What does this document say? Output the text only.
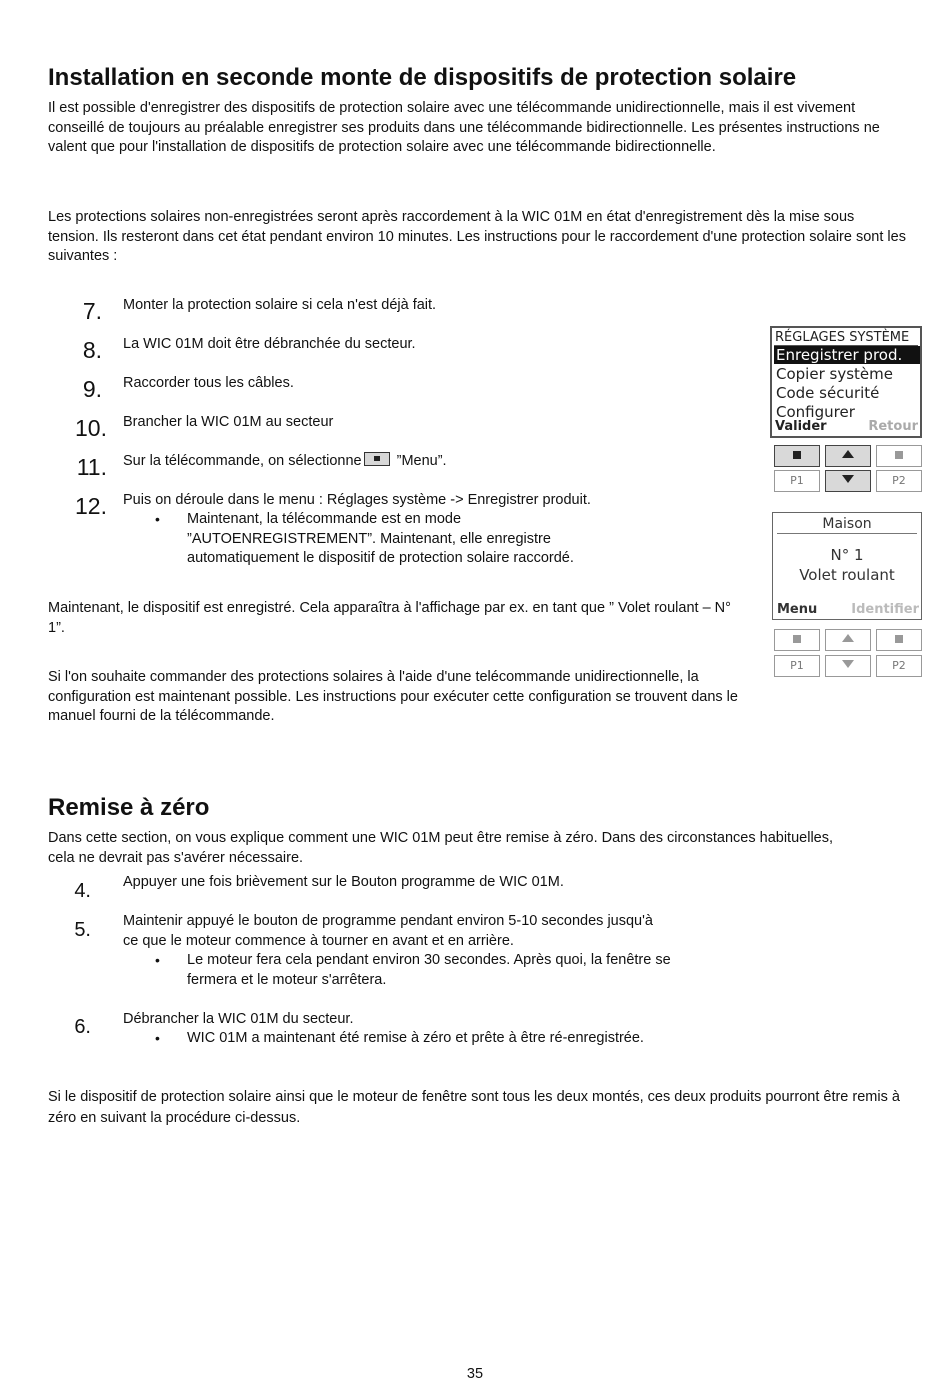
Installation en seconde monte de dispositifs de protection solaire

Il est possible d'enregistrer des dispositifs de protection solaire avec une télécommande unidirectionnelle, mais il est vivement conseillé de toujours au préalable enregistrer ses produits dans une télécommande bidirectionnelle. Les présentes instructions ne valent que pour l'installation de dispositifs de protection solaire avec une télécommande bidirectionnelle.

Les protections solaires non-enregistrées seront après raccordement à la WIC 01M en état d'enregistrement dès la mise sous tension. Ils resteront dans cet état pendant environ 10 minutes. Les instructions pour le raccordement d'une protection solaire sont les suivantes :

7. Monter la protection solaire si cela n'est déjà fait.
8. La WIC 01M doit être débranchée du secteur.
9. Raccorder tous les câbles.
10. Brancher la WIC 01M au secteur
11. Sur la télécommande, on sélectionne ”Menu”.
12. Puis on déroule dans le menu : Réglages système -> Enregistrer produit.
• Maintenant, la télécommande est en mode ”AUTOENREGISTREMENT”. Maintenant, elle enregistre automatiquement le dispositif de protection solaire raccordé.

Maintenant, le dispositif est enregistré. Cela apparaîtra à l'affichage par ex. en tant que ” Volet roulant – N° 1”.

Si l'on souhaite commander des protections solaires à l'aide d'une telécommande unidirectionnelle, la configuration est maintenant possible. Les instructions pour exécuter cette configuration se trouvent dans le manuel fourni de la télécommande.

RÉGLAGES SYSTÈME
Enregistrer prod.
Copier système
Code sécurité
Configurer
Valider	Retour
P1	P2
Maison
N° 1
Volet roulant
Menu	Identifier
P1	P2
Remise à zéro

Dans cette section, on vous explique comment une WIC 01M peut être remise à zéro. Dans des circonstances habituelles, cela ne devrait pas s'avérer nécessaire.

4. Appuyer une fois brièvement sur le Bouton programme de WIC 01M.
5. Maintenir appuyé le bouton de programme pendant environ 5-10 secondes jusqu'à ce que le moteur commence à tourner en avant et en arrière.
• Le moteur fera cela pendant environ 30 secondes. Après quoi, la fenêtre se fermera et le moteur s'arrêtera.
6. Débrancher la WIC 01M du secteur.
• WIC 01M a maintenant été remise à zéro et prête à être ré-enregistrée.

Si le dispositif de protection solaire ainsi que le moteur de fenêtre sont tous les deux montés, ces deux produits pourront être remis à zéro en suivant la procédure ci-dessus.

35
